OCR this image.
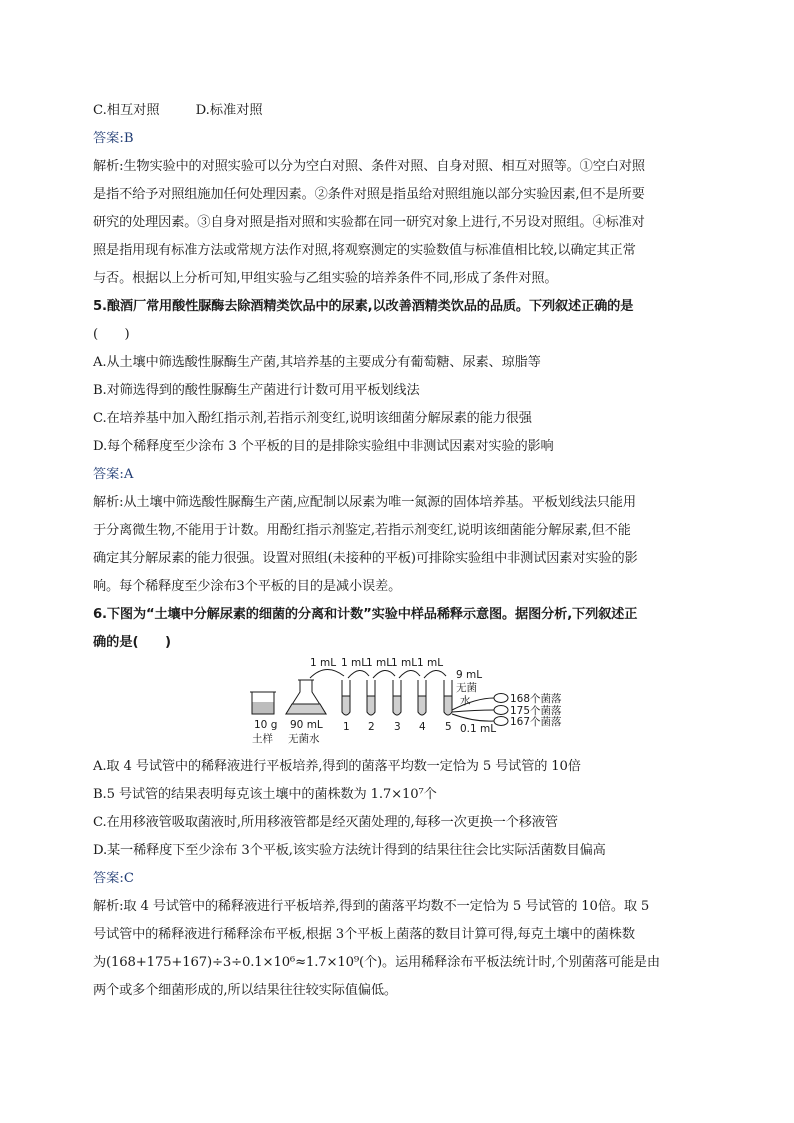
C.相互对照	D.标准对照
答案:B
解析:生物实验中的对照实验可以分为空白对照、条件对照、自身对照、相互对照等。①空白对照
是指不给予对照组施加任何处理因素。②条件对照是指虽给对照组施以部分实验因素,但不是所要
研究的处理因素。③自身对照是指对照和实验都在同一研究对象上进行,不另设对照组。④标准对
照是指用现有标准方法或常规方法作对照,将观察测定的实验数值与标准值相比较,以确定其正常
与否。根据以上分析可知,甲组实验与乙组实验的培养条件不同,形成了条件对照。
5.酿酒厂常用酸性脲酶去除酒精类饮品中的尿素,以改善酒精类饮品的品质。下列叙述正确的是
(　　)
A.从土壤中筛选酸性脲酶生产菌,其培养基的主要成分有葡萄糖、尿素、琼脂等
B.对筛选得到的酸性脲酶生产菌进行计数可用平板划线法
C.在培养基中加入酚红指示剂,若指示剂变红,说明该细菌分解尿素的能力很强
D.每个稀释度至少涂布 3 个平板的目的是排除实验组中非测试因素对实验的影响
答案:A
解析:从土壤中筛选酸性脲酶生产菌,应配制以尿素为唯一氮源的固体培养基。平板划线法只能用
于分离微生物,不能用于计数。用酚红指示剂鉴定,若指示剂变红,说明该细菌能分解尿素,但不能
确定其分解尿素的能力很强。设置对照组(未接种的平板)可排除实验组中非测试因素对实验的影
响。每个稀释度至少涂布3个平板的目的是减小误差。
6.下图为“土壤中分解尿素的细菌的分离和计数”实验中样品稀释示意图。据图分析,下列叙述正
确的是(　　)
10 g
土样
90 mL
无菌水
1 mL 1 mL
1 mL
1 mL 1 mL
1 2 3 4 5
9 mL
无菌
水
0.1 mL
168个菌落
175个菌落
167个菌落
A.取 4 号试管中的稀释液进行平板培养,得到的菌落平均数一定恰为 5 号试管的 10倍
B.5 号试管的结果表明每克该土壤中的菌株数为 1.7×10⁷个
C.在用移液管吸取菌液时,所用移液管都是经灭菌处理的,每移一次更换一个移液管
D.某一稀释度下至少涂布 3个平板,该实验方法统计得到的结果往往会比实际活菌数目偏高
答案:C
解析:取 4 号试管中的稀释液进行平板培养,得到的菌落平均数不一定恰为 5 号试管的 10倍。取 5
号试管中的稀释液进行稀释涂布平板,根据 3个平板上菌落的数目计算可得,每克土壤中的菌株数
为(168+175+167)÷3÷0.1×10⁶≈1.7×10⁹(个)。运用稀释涂布平板法统计时,个别菌落可能是由
两个或多个细菌形成的,所以结果往往较实际值偏低。
